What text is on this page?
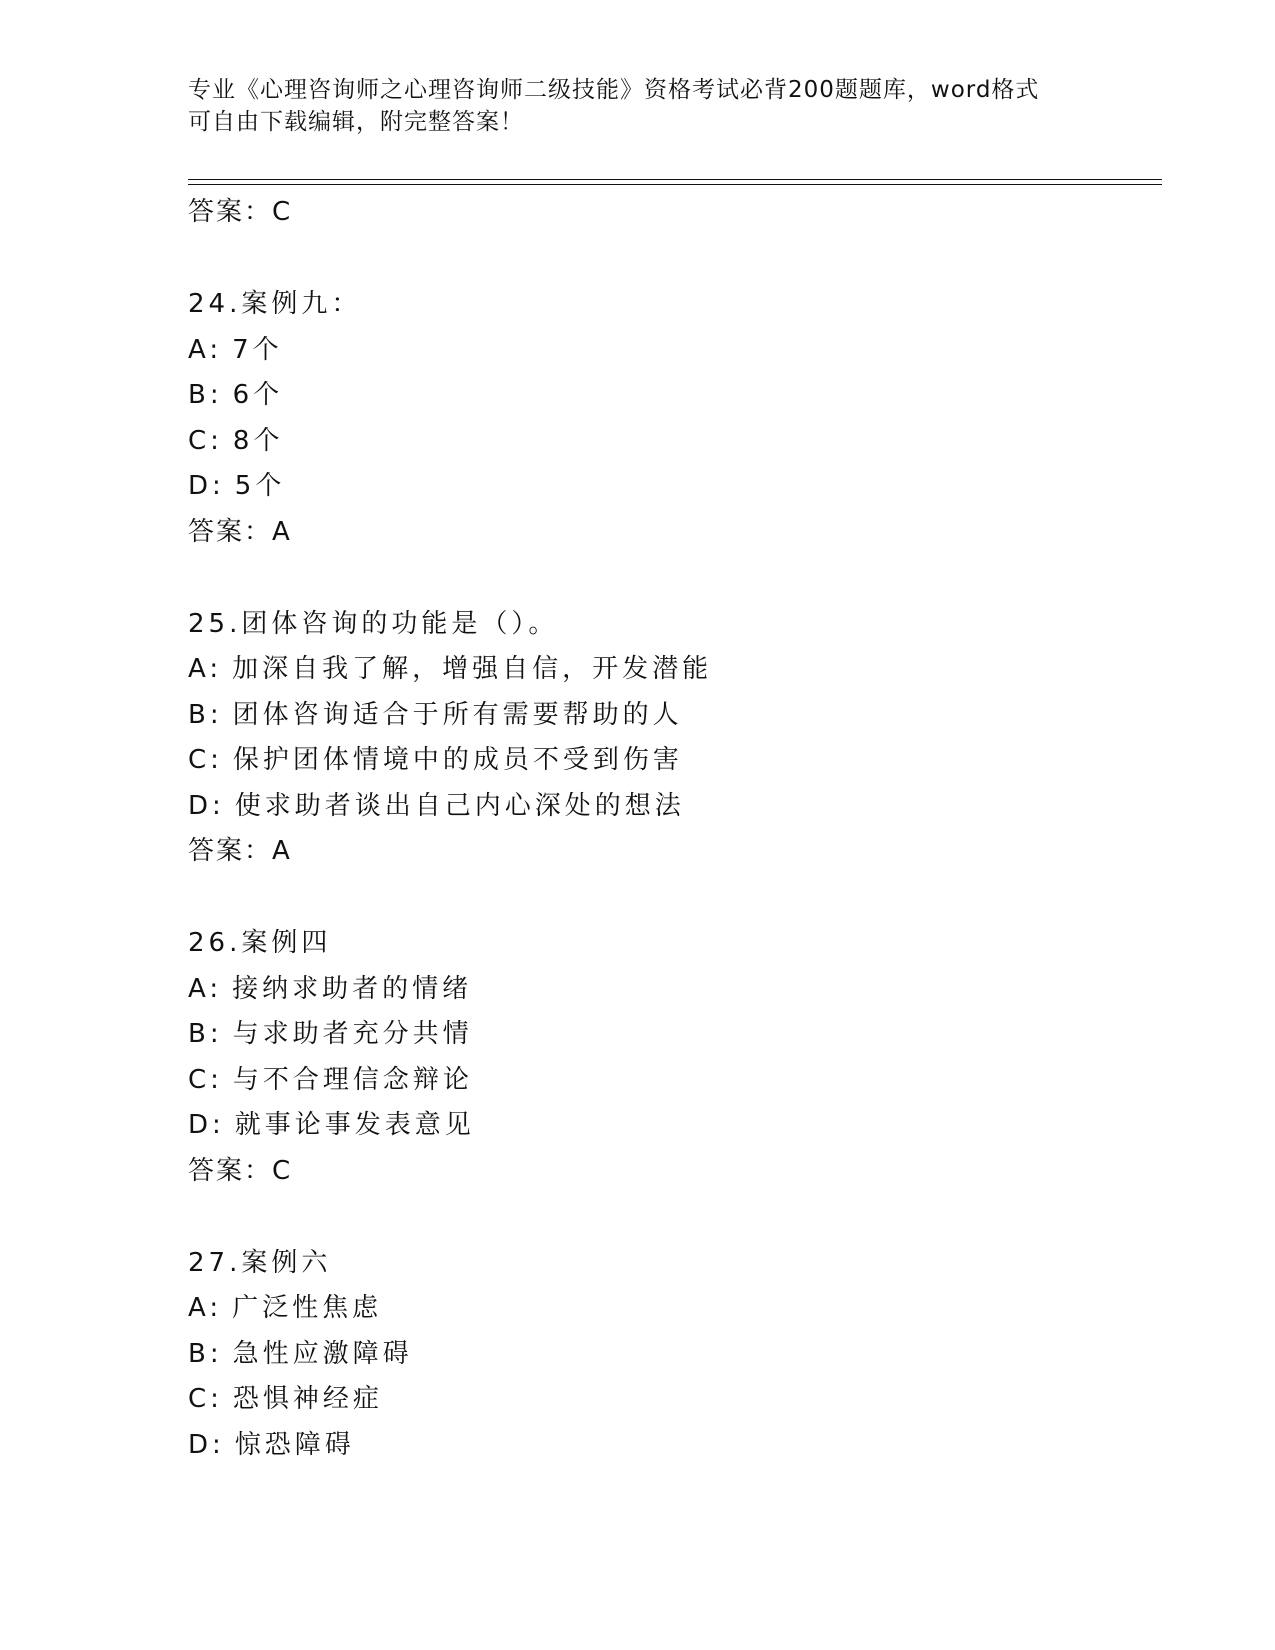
专业《心理咨询师之心理咨询师二级技能》资格考试必背200题题库，word格式
可自由下载编辑，附完整答案！
答案：C
24.案例九：
A: 7个
B: 6个
C: 8个
D: 5个
答案：A
25.团体咨询的功能是（）。
A: 加深自我了解，增强自信，开发潜能
B: 团体咨询适合于所有需要帮助的人
C: 保护团体情境中的成员不受到伤害
D: 使求助者谈出自己内心深处的想法
答案：A
26.案例四
A: 接纳求助者的情绪
B: 与求助者充分共情
C: 与不合理信念辩论
D: 就事论事发表意见
答案：C
27.案例六
A: 广泛性焦虑
B: 急性应激障碍
C: 恐惧神经症
D: 惊恐障碍
